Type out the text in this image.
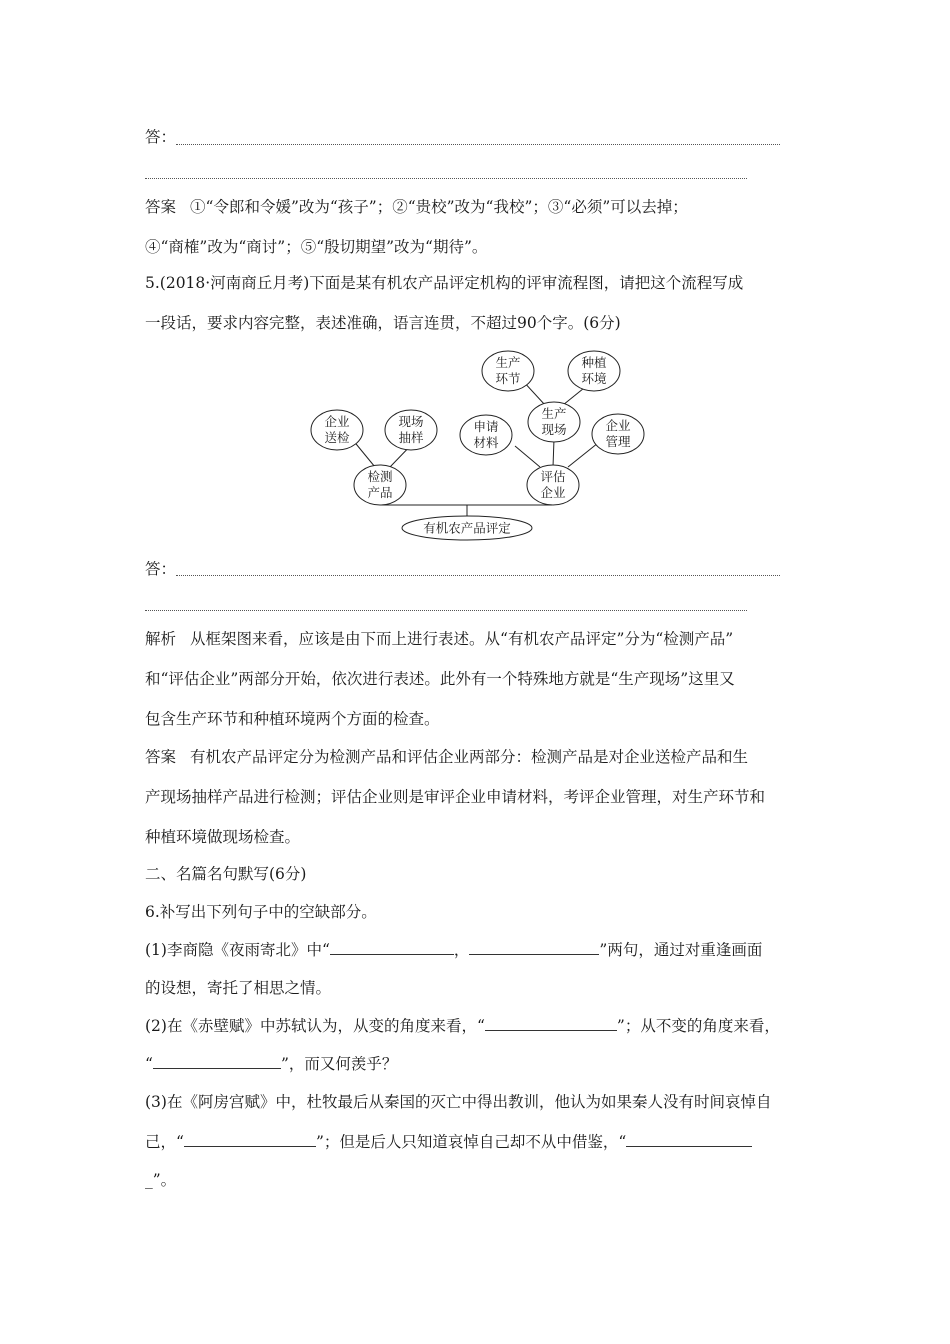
答：
答案 ①“令郎和令媛”改为“孩子”；②“贵校”改为“我校”；③“必须”可以去掉；
④“商榷”改为“商讨”；⑤“殷切期望”改为“期待”。
5.(2018·河南商丘月考)下面是某有机农产品评定机构的评审流程图，请把这个流程写成
一段话，要求内容完整，表述准确，语言连贯，不超过90个字。(6分)
有机农产品评定
检测
产品
企业
送检
现场
抽样
评估
企业
申请
材料
生产
现场	企业
管理
生产
环节
种植
环境
答：
解析 从框架图来看，应该是由下而上进行表述。从“有机农产品评定”分为“检测产品”
和“评估企业”两部分开始，依次进行表述。此外有一个特殊地方就是“生产现场”这里又
包含生产环节和种植环境两个方面的检查。
答案 有机农产品评定分为检测产品和评估企业两部分：检测产品是对企业送检产品和生
产现场抽样产品进行检测；评估企业则是审评企业申请材料，考评企业管理，对生产环节和
种植环境做现场检查。
二、名篇名句默写(6分)
6.补写出下列句子中的空缺部分。
(1)李商隐《夜雨寄北》中“	，	”两句，通过对重逢画面
的设想，寄托了相思之情。
(2)在《赤壁赋》中苏轼认为，从变的角度来看，“	”；从不变的角度来看，
“	”，而又何羡乎？
(3)在《阿房宫赋》中，杜牧最后从秦国的灭亡中得出教训，他认为如果秦人没有时间哀悼自
己，“	”；但是后人只知道哀悼自己却不从中借鉴，“
_”。
